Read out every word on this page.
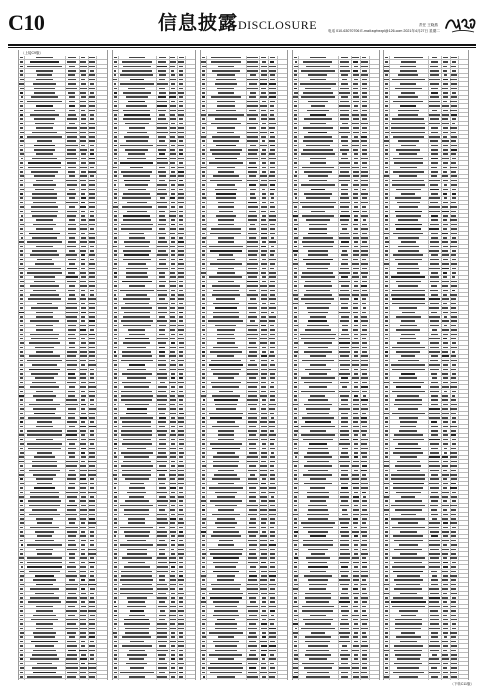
C10	信息披露DISCLOSURE	责任 王晓燕
电话 010-63070706 E-mail:zqrbxxpl@126.com 2021年4月27日 星期二
（上接C9版）
（下转C11版）
